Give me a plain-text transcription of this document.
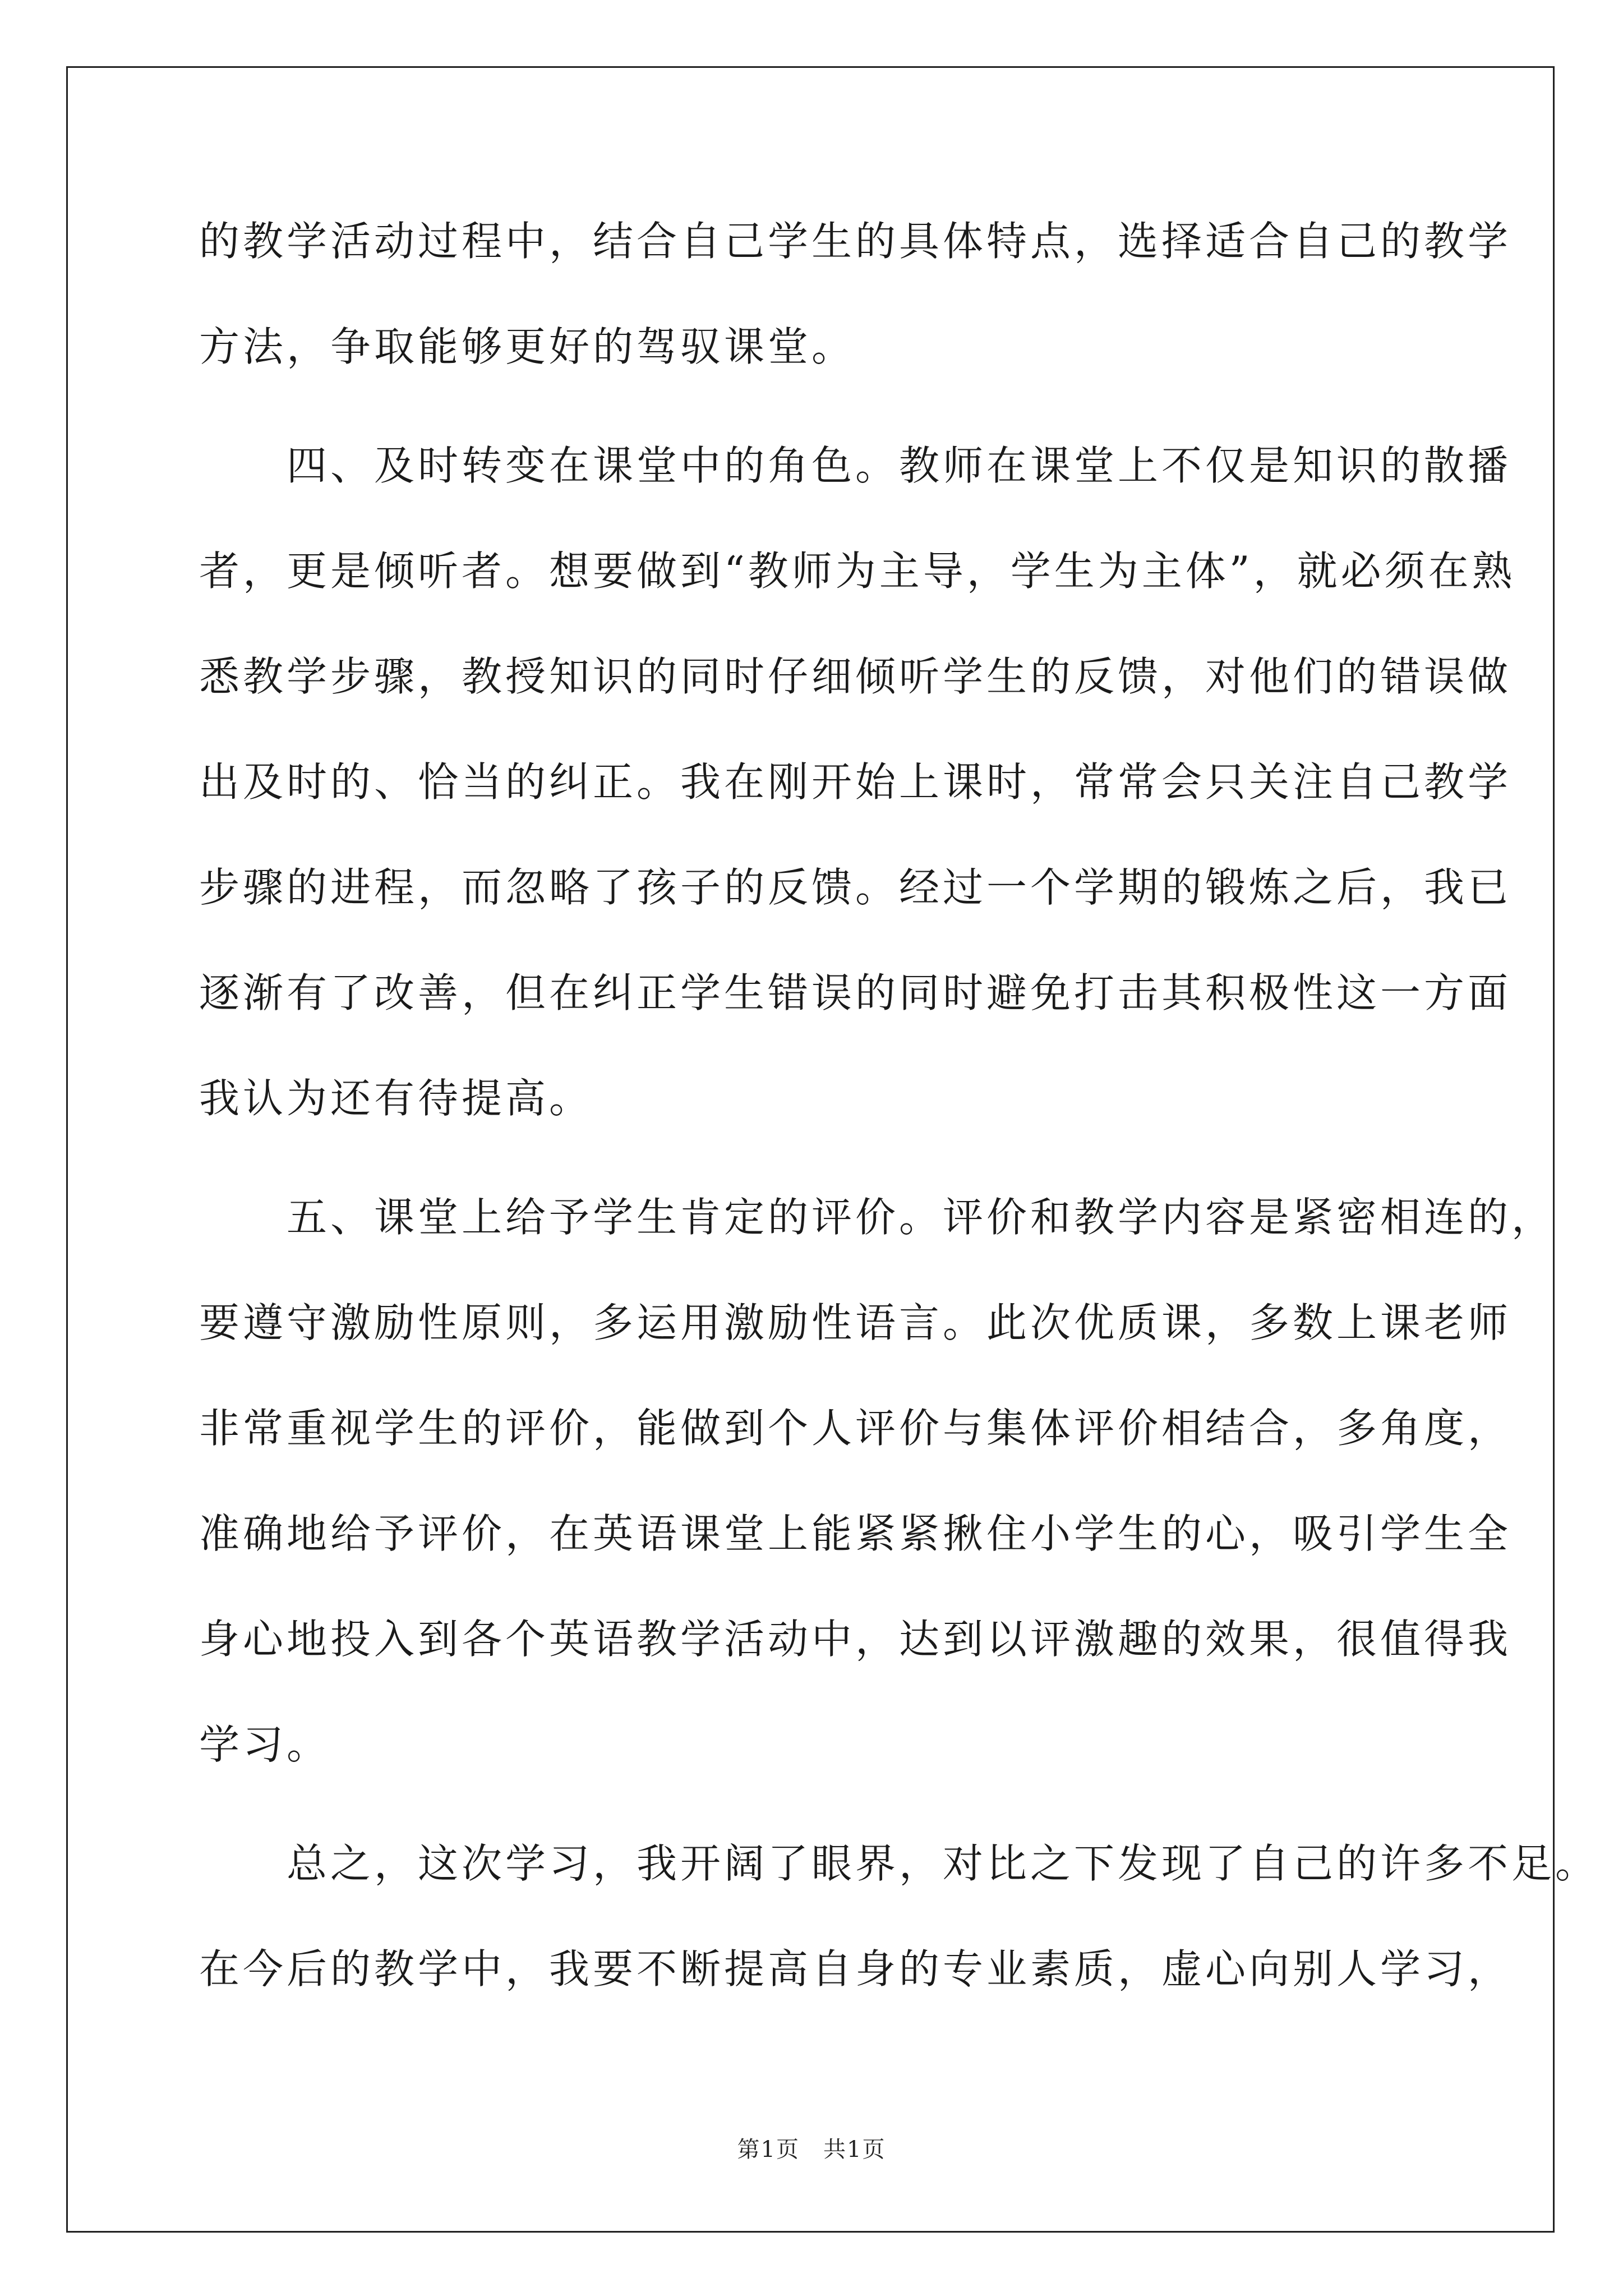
的教学活动过程中，结合自己学生的具体特点，选择适合自己的教学
方法，争取能够更好的驾驭课堂。
　　四、及时转变在课堂中的角色。教师在课堂上不仅是知识的散播
者，更是倾听者。想要做到“教师为主导，学生为主体”，就必须在熟
悉教学步骤，教授知识的同时仔细倾听学生的反馈，对他们的错误做
出及时的、恰当的纠正。我在刚开始上课时，常常会只关注自己教学
步骤的进程，而忽略了孩子的反馈。经过一个学期的锻炼之后，我已
逐渐有了改善，但在纠正学生错误的同时避免打击其积极性这一方面
我认为还有待提高。
　　五、课堂上给予学生肯定的评价。评价和教学内容是紧密相连的，
要遵守激励性原则，多运用激励性语言。此次优质课，多数上课老师
非常重视学生的评价，能做到个人评价与集体评价相结合，多角度，
准确地给予评价，在英语课堂上能紧紧揪住小学生的心，吸引学生全
身心地投入到各个英语教学活动中，达到以评激趣的效果，很值得我
学习。
　　总之，这次学习，我开阔了眼界，对比之下发现了自己的许多不足。
在今后的教学中，我要不断提高自身的专业素质，虚心向别人学习，
第1页　共1页
